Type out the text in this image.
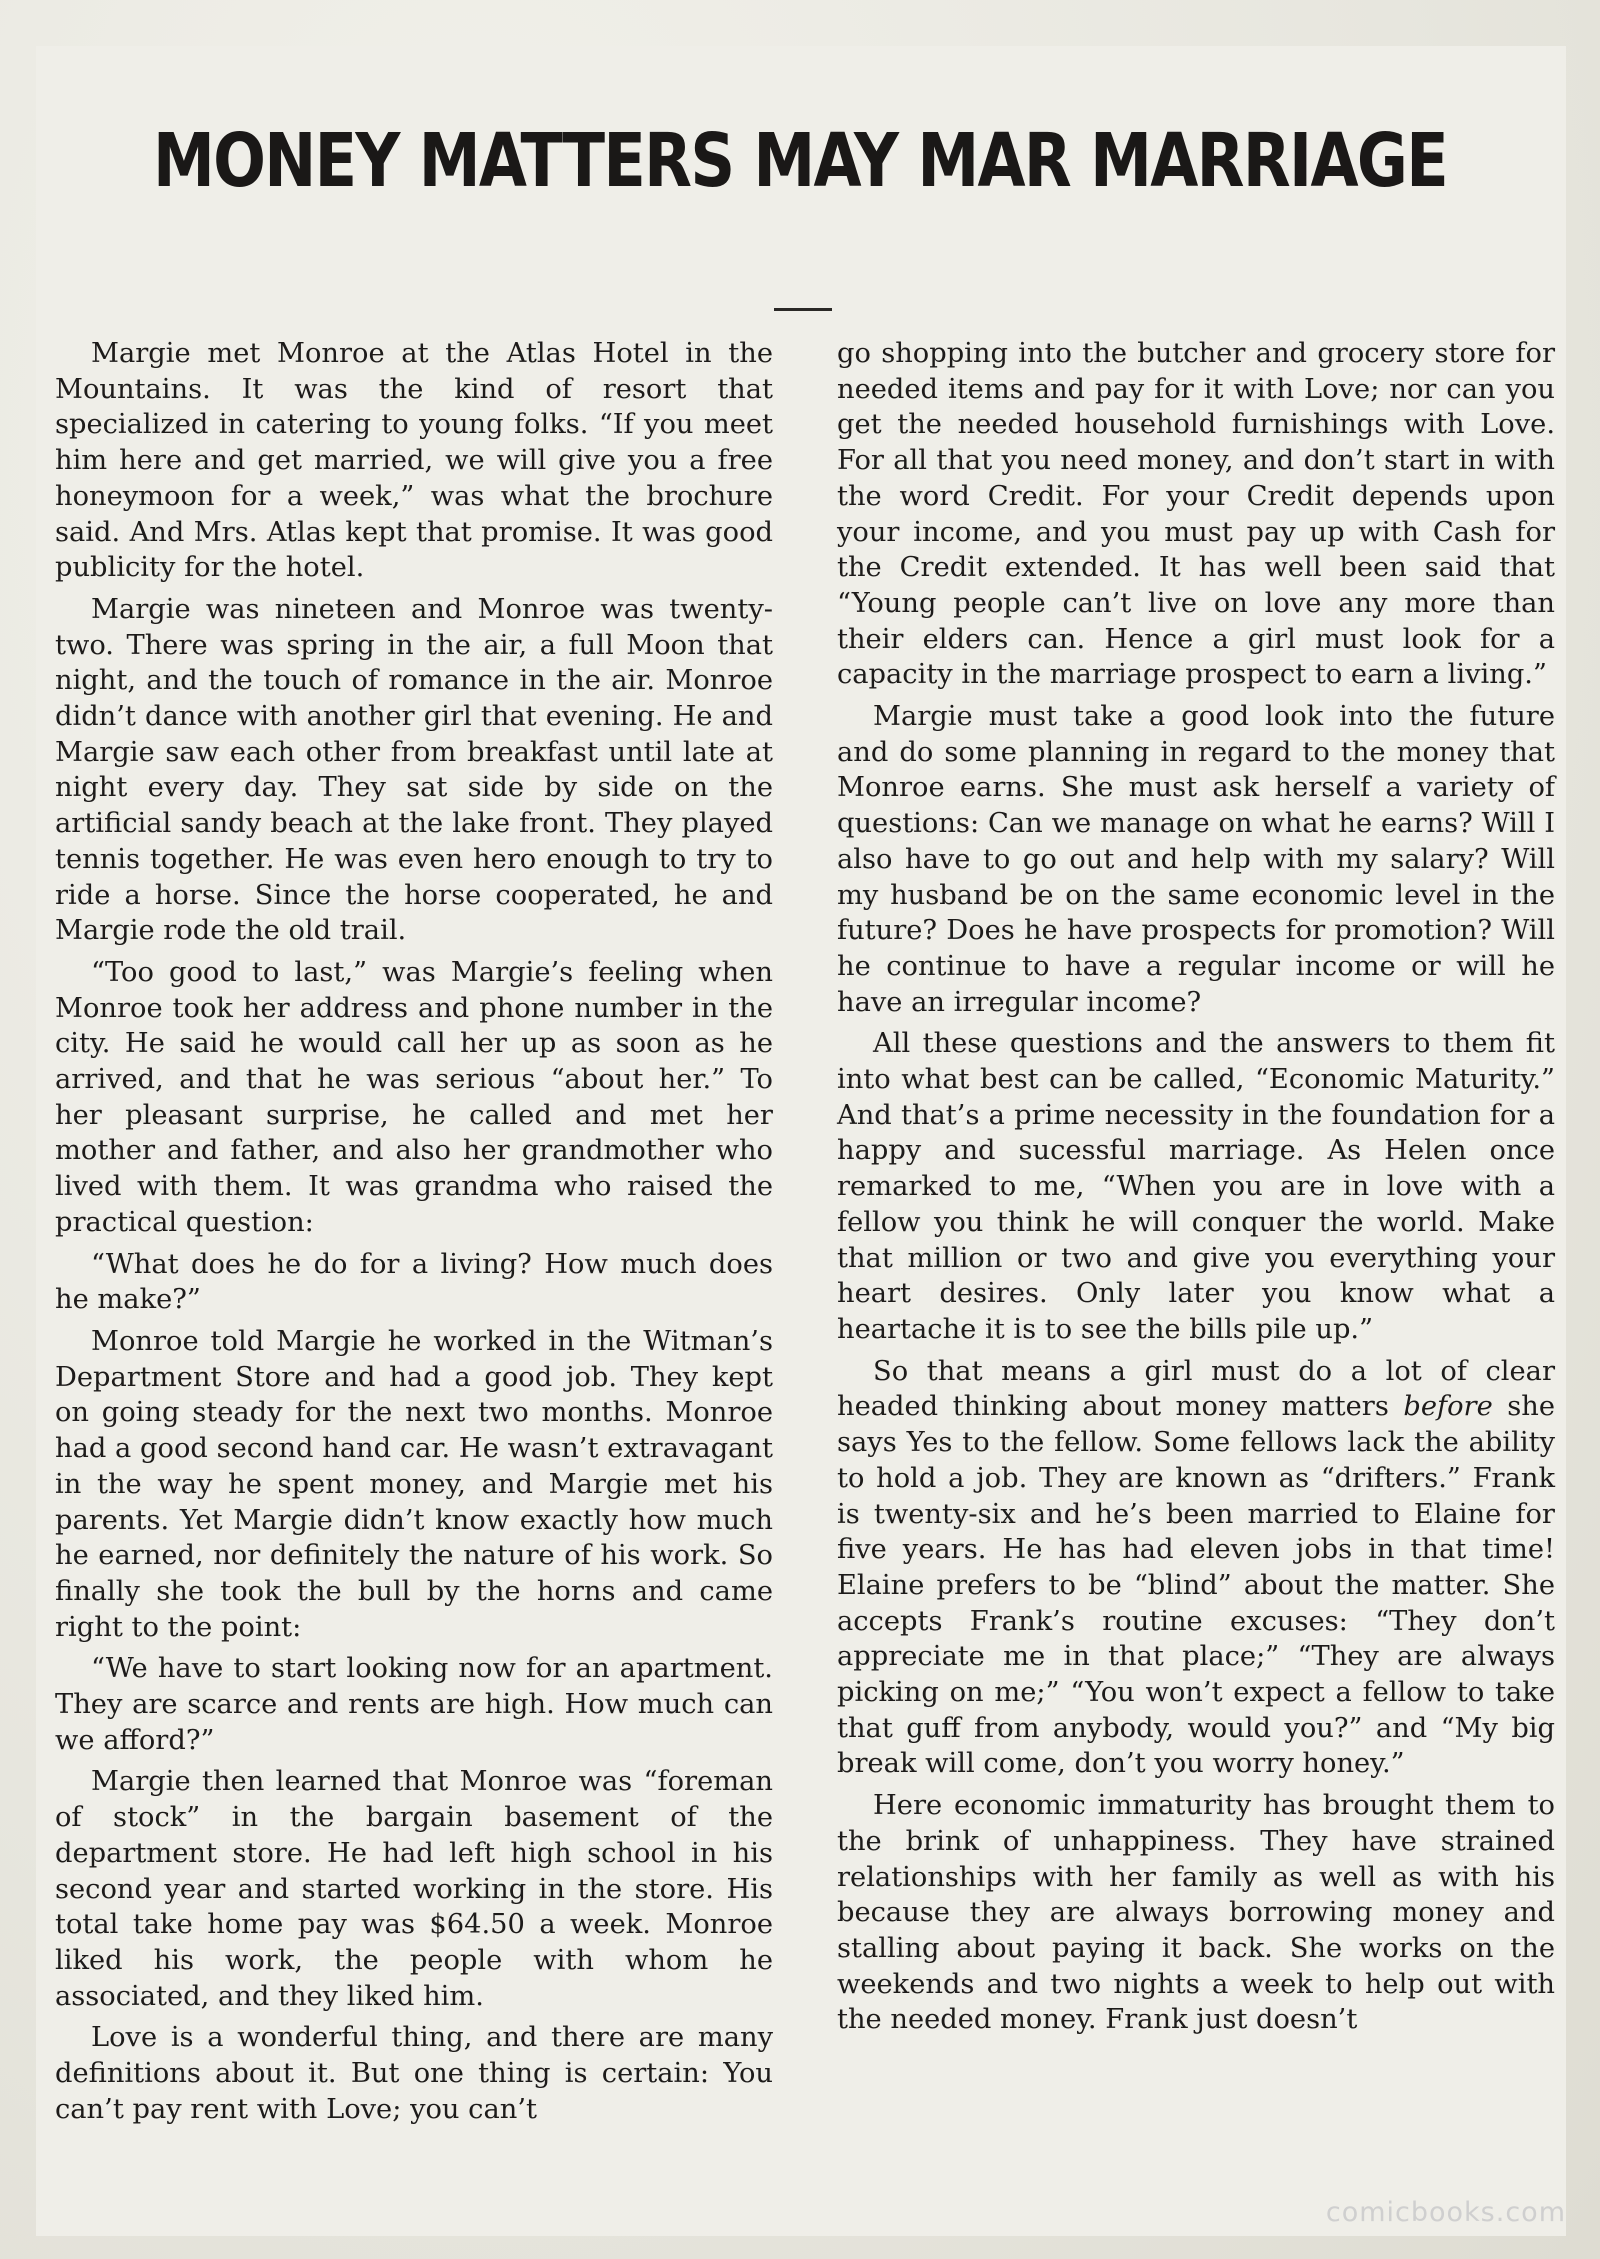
MONEY MATTERS MAY MAR MARRIAGE

Margie met Monroe at the Atlas Hotel in the Mountains. It was the kind of resort that specialized in catering to young folks. “If you meet him here and get married, we will give you a free honeymoon for a week,” was what the brochure said. And Mrs. Atlas kept that promise. It was good publicity for the hotel.

Margie was nineteen and Monroe was twentytwo. There was spring in the air, a full Moon that night, and the touch of romance in the air. Monroe didn’t dance with another girl that evening. He and Margie saw each other from breakfast until late at night every day. They sat side by side on the artificial sandy beach at the lake front. They played tennis together. He was even hero enough to try to ride a horse. Since the horse cooperated, he and Margie rode the old trail.

“Too good to last,” was Margie’s feeling when Monroe took her address and phone number in the city. He said he would call her up as soon as he arrived, and that he was serious “about her.” To her pleasant surprise, he called and met her mother and father, and also her grandmother who lived with them. It was grandma who raised the practical question:

“What does he do for a living? How much does he make?”

Monroe told Margie he worked in the Witman’s Department Store and had a good job. They kept on going steady for the next two months. Monroe had a good second hand car. He wasn’t extravagant in the way he spent money, and Margie met his parents. Yet Margie didn’t know exactly how much he earned, nor definitely the nature of his work. So finally she took the bull by the horns and came right to the point:

“We have to start looking now for an apartment. They are scarce and rents are high. How much can we afford?”

Margie then learned that Monroe was “foreman of stock” in the bargain basement of the department store. He had left high school in his second year and started working in the store. His total take home pay was $64.50 a week. Monroe liked his work, the people with whom he associated, and they liked him.

Love is a wonderful thing, and there are many definitions about it. But one thing is certain: You can’t pay rent with Love; you can’t

go shopping into the butcher and grocery store for needed items and pay for it with Love; nor can you get the needed household furnishings with Love. For all that you need money, and don’t start in with the word Credit. For your Credit depends upon your income, and you must pay up with Cash for the Credit extended. It has well been said that “Young people can’t live on love any more than their elders can. Hence a girl must look for a capacity in the marriage prospect to earn a living.”

Margie must take a good look into the future and do some planning in regard to the money that Monroe earns. She must ask herself a variety of questions: Can we manage on what he earns? Will I also have to go out and help with my salary? Will my husband be on the same economic level in the future? Does he have prospects for promotion? Will he continue to have a regular income or will he have an irregular income?

All these questions and the answers to them fit into what best can be called, “Economic Maturity.” And that’s a prime necessity in the foundation for a happy and sucessful marriage. As Helen once remarked to me, “When you are in love with a fellow you think he will conquer the world. Make that million or two and give you everything your heart desires. Only later you know what a heartache it is to see the bills pile up.”

So that means a girl must do a lot of clear headed thinking about money matters before she says Yes to the fellow. Some fellows lack the ability to hold a job. They are known as “drifters.” Frank is twenty-six and he’s been married to Elaine for five years. He has had eleven jobs in that time! Elaine prefers to be “blind” about the matter. She accepts Frank’s routine excuses: “They don’t appreciate me in that place;” “They are always picking on me;” “You won’t expect a fellow to take that guff from anybody, would you?” and “My big break will come, don’t you worry honey.”

Here economic immaturity has brought them to the brink of unhappiness. They have strained relationships with her family as well as with his because they are always borrowing money and stalling about paying it back. She works on the weekends and two nights a week to help out with the needed money. Frank just doesn’t

comicbooks.com
